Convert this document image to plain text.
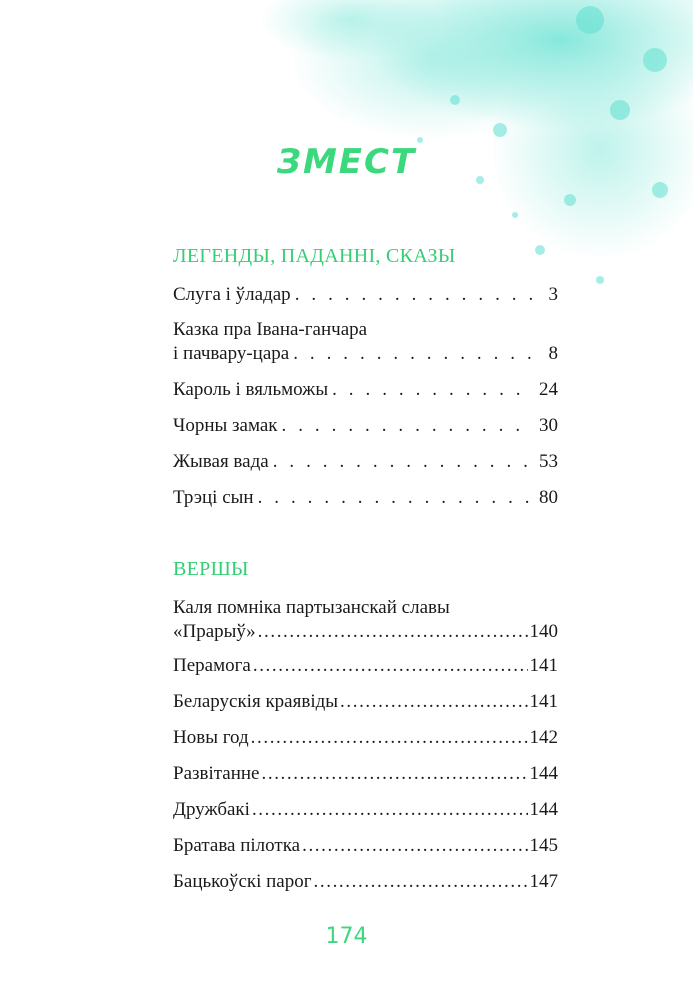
ЗМЕСТ
ЛЕГЕНДЫ, ПАДАННІ, СКАЗЫ
Слуга і ўладар . . .	3
Казка пра Івана-ганчара
і пачвару-цара . . .	8
Кароль і вяльможы . . .	24
Чорны замак . . .	30
Жывая вада . . .	53
Трэці сын . . .	80
ВЕРШЫ
Каля помніка партызанскай славы
«Прарыў» .....	140
Перамога .....	141
Беларускія краявіды .....	141
Новы год .....	142
Развітанне .....	144
Дружбакі .....	144
Братава пілотка .....	145
Бацькоўскі парог .....	147
174
